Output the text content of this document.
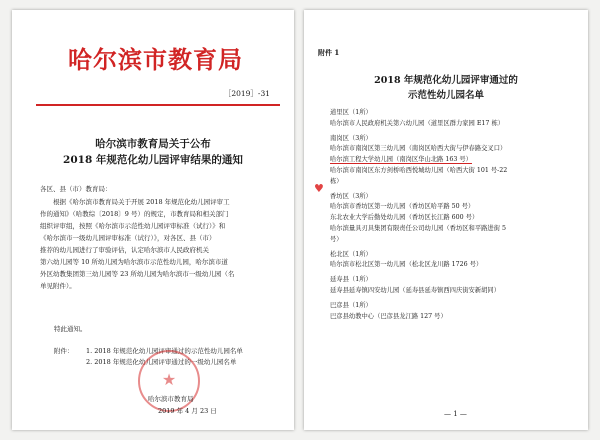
哈尔滨市教育局
［2019］-31
哈尔滨市教育局关于公布
2018 年规范化幼儿园评审结果的通知
各区、县（市）教育局：
根据《哈尔滨市教育局关于开展 2018 年规范化幼儿园评审工
作的通知》（哈教综〔2018〕9 号）的规定，市教育局和相关部门
组织评审组，按照《哈尔滨市示范性幼儿园评审标准（试行）》和
《哈尔滨市一级幼儿园评审标准（试行）》，对各区、县（市）
推荐的幼儿园进行了审验评估，认定哈尔滨市人民政府机关
第六幼儿园等 10 所幼儿园为哈尔滨市示范性幼儿园，哈尔滨市道
外区幼教集团第三幼儿园等 23 所幼儿园为哈尔滨市一级幼儿园（名
单见附件）。
特此通知。
附件： 1. 2018 年规范化幼儿园评审通过的示范性幼儿园名单
2. 2018 年规范化幼儿园评审通过的一级幼儿园名单
★
哈尔滨市教育局
2019 年 4 月 23 日
附件 1
2018 年规范化幼儿园评审通过的
示范性幼儿园名单
♥
道里区（1所）
哈尔滨市人民政府机关第六幼儿园（道里区群力家园 E17 栋）
南岗区（3所）
哈尔滨市南岗区第三幼儿园（南岗区哈西大街与伊春路交叉口）
哈尔滨工程大学幼儿园（南岗区华山北路 163 号）
哈尔滨市南岗区东方剑桥哈西悦城幼儿园（哈西大街 101 号-22
栋）
香坊区（3所）
哈尔滨市香坊区第一幼儿园（香坊区哈平路 50 号）
东北农业大学后勤处幼儿园（香坊区长江路 600 号）
哈尔滨量具刃具集团有限责任公司幼儿园（香坊区和平路进街 5
号）
松北区（1所）
哈尔滨市松北区第一幼儿园（松北区龙川路 1726 号）
延寿县（1所）
延寿县延寿镇四安幼儿园（延寿县延寿镇西四庆街安新胡同）
巴彦县（1所）
巴彦县幼教中心（巴彦县龙江路 127 号）
— 1 —
